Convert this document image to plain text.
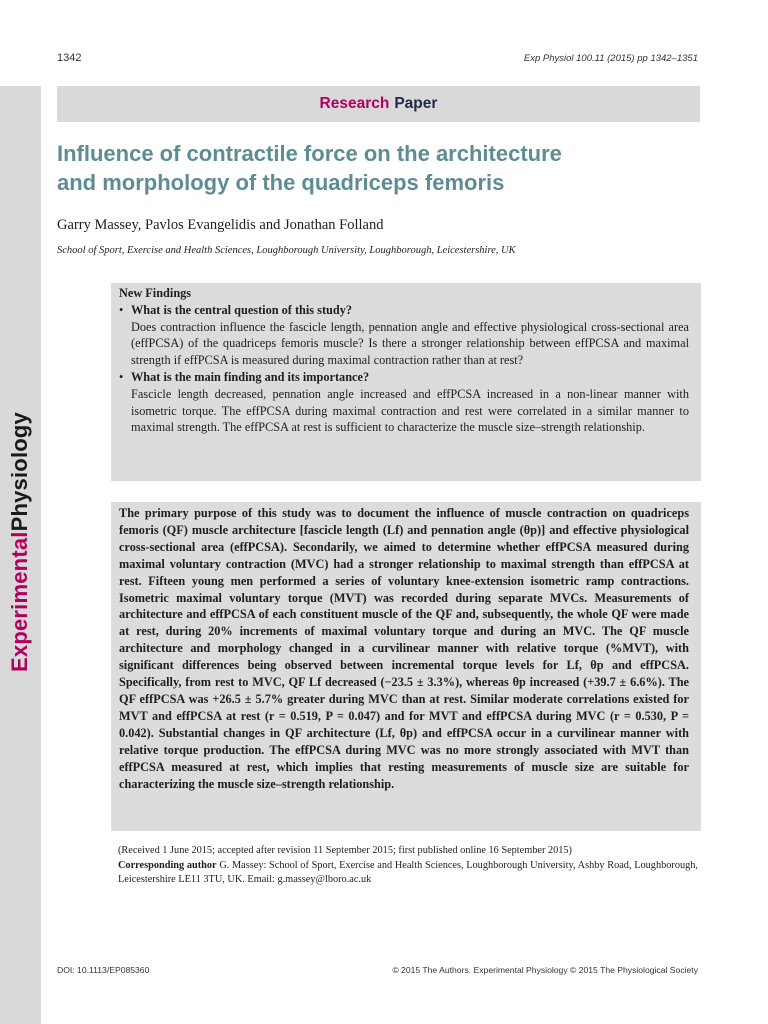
ExperimentalPhysiology
1342	Exp Physiol 100.11 (2015) pp 1342–1351
Research Paper
Influence of contractile force on the architecture
and morphology of the quadriceps femoris
Garry Massey, Pavlos Evangelidis and Jonathan Folland
School of Sport, Exercise and Health Sciences, Loughborough University, Loughborough, Leicestershire, UK
New Findings
• What is the central question of this study?
Does contraction influence the fascicle length, pennation angle and effective physiological cross-sectional area (effPCSA) of the quadriceps femoris muscle? Is there a stronger relationship between effPCSA and maximal strength if effPCSA is measured during maximal contraction rather than at rest?
• What is the main finding and its importance?
Fascicle length decreased, pennation angle increased and effPCSA increased in a non-linear manner with isometric torque. The effPCSA during maximal contraction and rest were correlated in a similar manner to maximal strength. The effPCSA at rest is sufficient to characterize the muscle size–strength relationship.
The primary purpose of this study was to document the influence of muscle contraction on quadriceps femoris (QF) muscle architecture [fascicle length (Lf) and pennation angle (θp)] and effective physiological cross-sectional area (effPCSA). Secondarily, we aimed to determine whether effPCSA measured during maximal voluntary contraction (MVC) had a stronger relationship to maximal strength than effPCSA at rest. Fifteen young men performed a series of voluntary knee-extension isometric ramp contractions. Isometric maximal voluntary torque (MVT) was recorded during separate MVCs. Measurements of architecture and effPCSA of each constituent muscle of the QF and, subsequently, the whole QF were made at rest, during 20% increments of maximal voluntary torque and during an MVC. The QF muscle architecture and morphology changed in a curvilinear manner with relative torque (%MVT), with significant differences being observed between incremental torque levels for Lf, θp and effPCSA. Specifically, from rest to MVC, QF Lf decreased (−23.5 ± 3.3%), whereas θp increased (+39.7 ± 6.6%). The QF effPCSA was +26.5 ± 5.7% greater during MVC than at rest. Similar moderate correlations existed for MVT and effPCSA at rest (r = 0.519, P = 0.047) and for MVT and effPCSA during MVC (r = 0.530, P = 0.042). Substantial changes in QF architecture (Lf, θp) and effPCSA occur in a curvilinear manner with relative torque production. The effPCSA during MVC was no more strongly associated with MVT than effPCSA measured at rest, which implies that resting measurements of muscle size are suitable for characterizing the muscle size–strength relationship.
(Received 1 June 2015; accepted after revision 11 September 2015; first published online 16 September 2015)
Corresponding author G. Massey: School of Sport, Exercise and Health Sciences, Loughborough University, Ashby Road, Loughborough, Leicestershire LE11 3TU, UK. Email: g.massey@lboro.ac.uk
DOI: 10.1113/EP085360	© 2015 The Authors. Experimental Physiology © 2015 The Physiological Society
